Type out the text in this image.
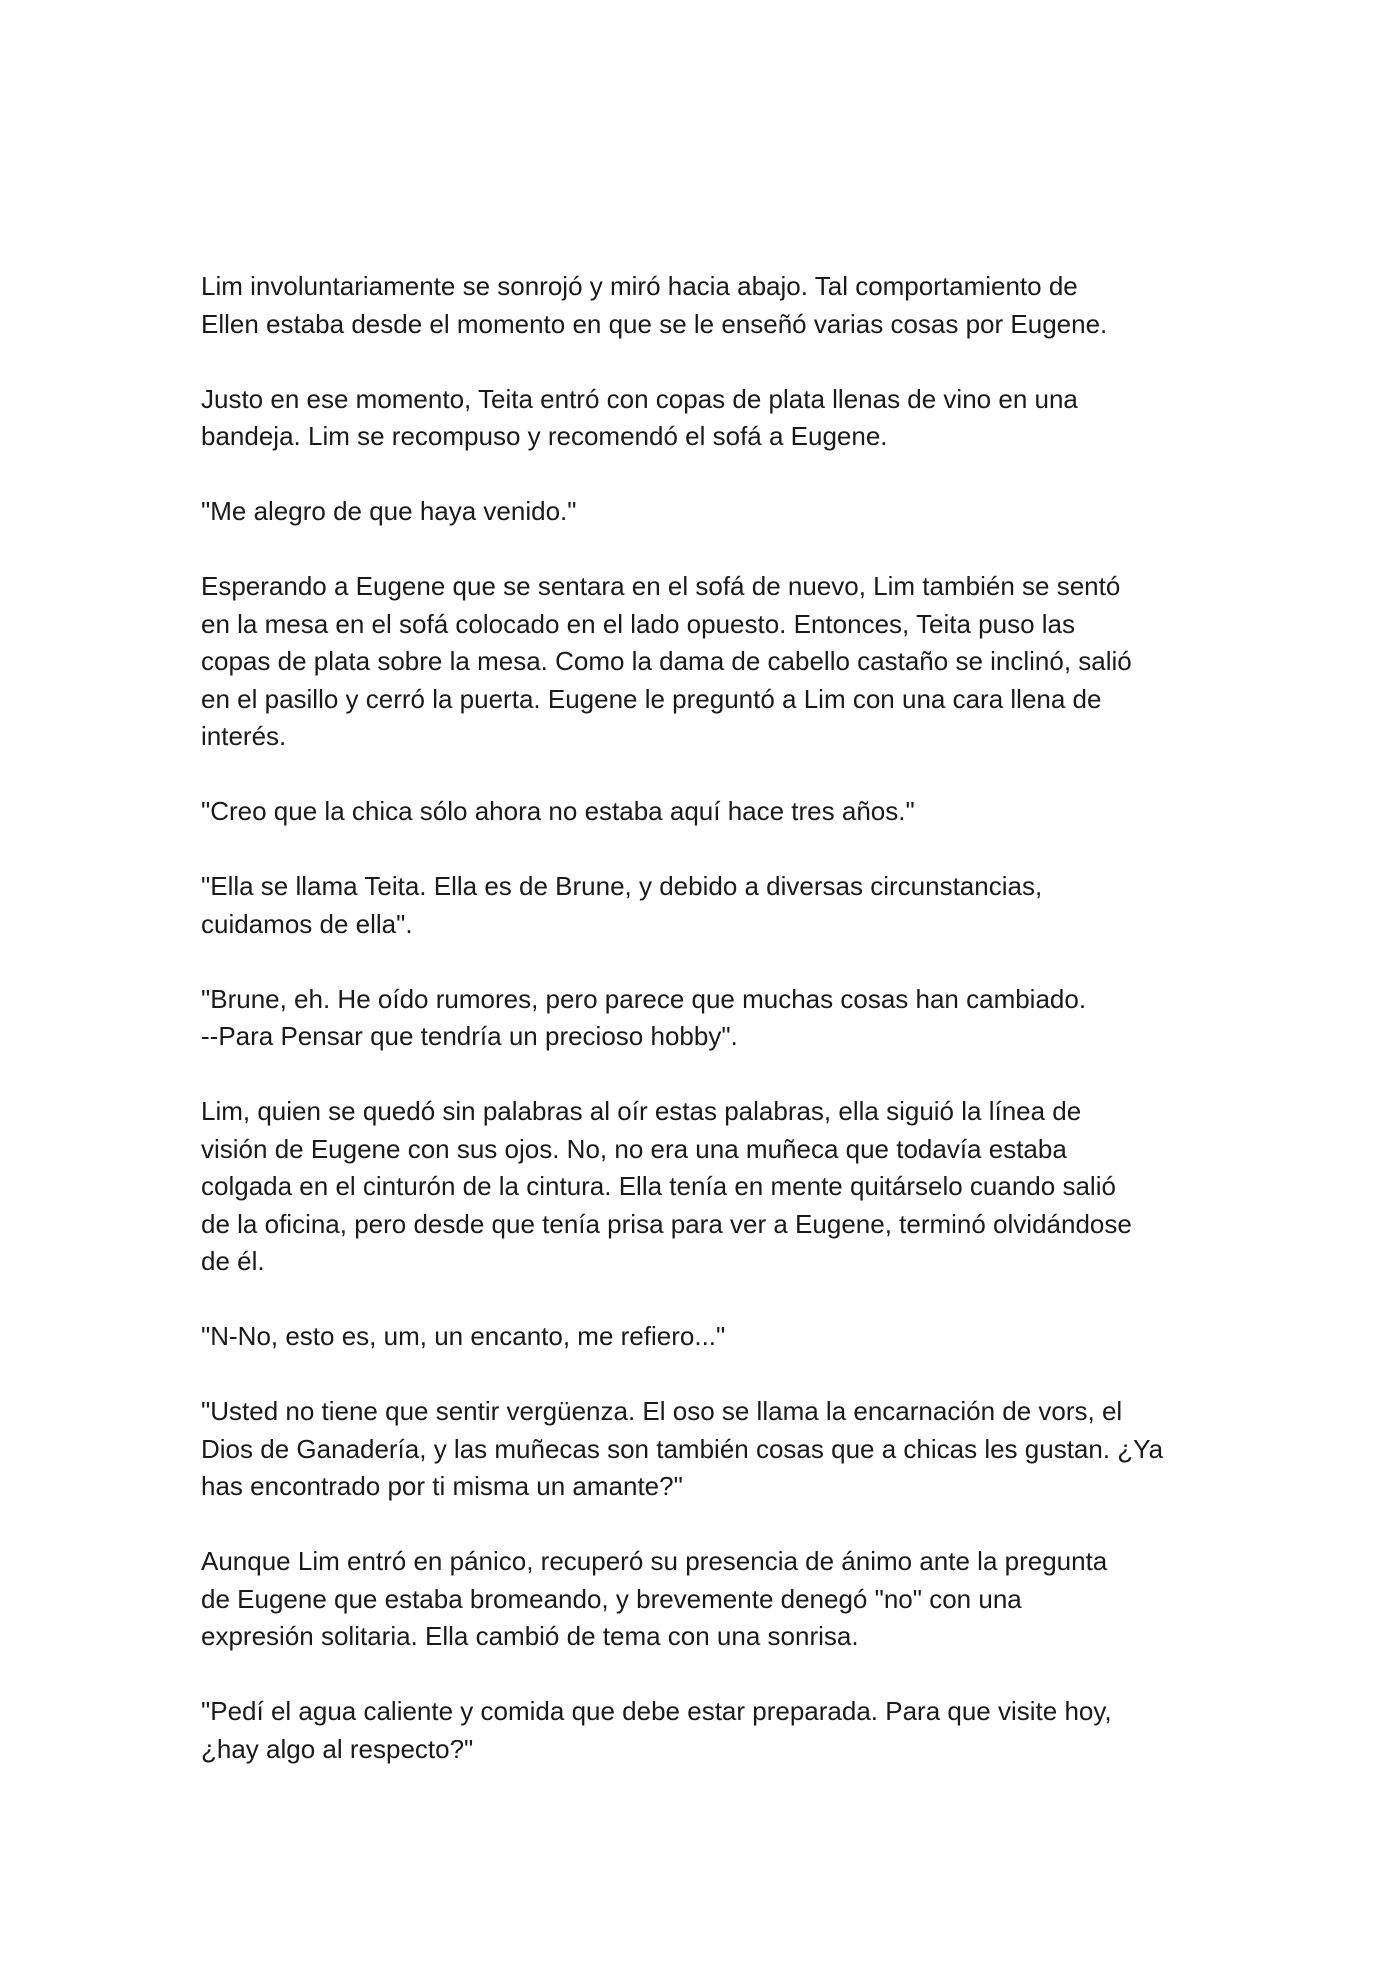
Lim involuntariamente se sonrojó y miró hacia abajo. Tal comportamiento de
Ellen estaba desde el momento en que se le enseñó varias cosas por Eugene.

Justo en ese momento, Teita entró con copas de plata llenas de vino en una
bandeja. Lim se recompuso y recomendó el sofá a Eugene.

"Me alegro de que haya venido."

Esperando a Eugene que se sentara en el sofá de nuevo, Lim también se sentó
en la mesa en el sofá colocado en el lado opuesto. Entonces, Teita puso las
copas de plata sobre la mesa. Como la dama de cabello castaño se inclinó, salió
en el pasillo y cerró la puerta. Eugene le preguntó a Lim con una cara llena de
interés.

"Creo que la chica sólo ahora no estaba aquí hace tres años."

"Ella se llama Teita. Ella es de Brune, y debido a diversas circunstancias,
cuidamos de ella".

"Brune, eh. He oído rumores, pero parece que muchas cosas han cambiado.
--Para Pensar que tendría un precioso hobby".

Lim, quien se quedó sin palabras al oír estas palabras, ella siguió la línea de
visión de Eugene con sus ojos. No, no era una muñeca que todavía estaba
colgada en el cinturón de la cintura. Ella tenía en mente quitárselo cuando salió
de la oficina, pero desde que tenía prisa para ver a Eugene, terminó olvidándose
de él.

"N-No, esto es, um, un encanto, me refiero..."

"Usted no tiene que sentir vergüenza. El oso se llama la encarnación de vors, el
Dios de Ganadería, y las muñecas son también cosas que a chicas les gustan. ¿Ya
has encontrado por ti misma un amante?"

Aunque Lim entró en pánico, recuperó su presencia de ánimo ante la pregunta
de Eugene que estaba bromeando, y brevemente denegó "no" con una
expresión solitaria. Ella cambió de tema con una sonrisa.

"Pedí el agua caliente y comida que debe estar preparada. Para que visite hoy,
¿hay algo al respecto?"
